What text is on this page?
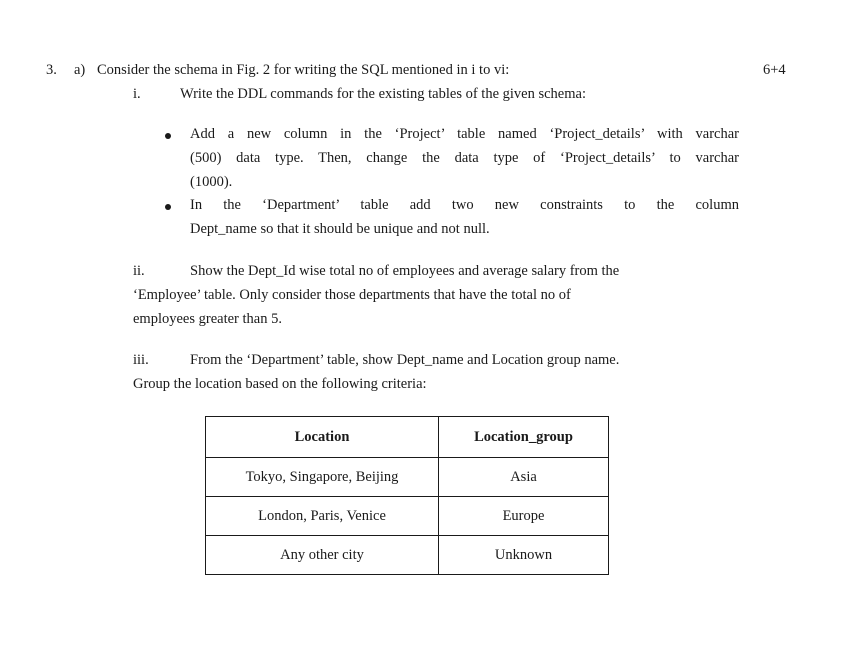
3. a) Consider the schema in Fig. 2 for writing the SQL mentioned in i to vi:	6+4
i.	Write the DDL commands for the existing tables of the given schema:
Add a new column in the ‘Project’ table named ‘Project_details’ with varchar
(500) data type. Then, change the data type of ‘Project_details’ to varchar
(1000).
In the ‘Department’ table add two new constraints to the column
Dept_name so that it should be unique and not null.
ii.	Show the Dept_Id wise total no of employees and average salary from the
‘Employee’ table. Only consider those departments that have the total no of
employees greater than 5.
iii.	From the ‘Department’ table, show Dept_name and Location group name.
Group the location based on the following criteria:
Location	Location_group
Tokyo, Singapore, Beijing	Asia
London, Paris, Venice	Europe
Any other city	Unknown
